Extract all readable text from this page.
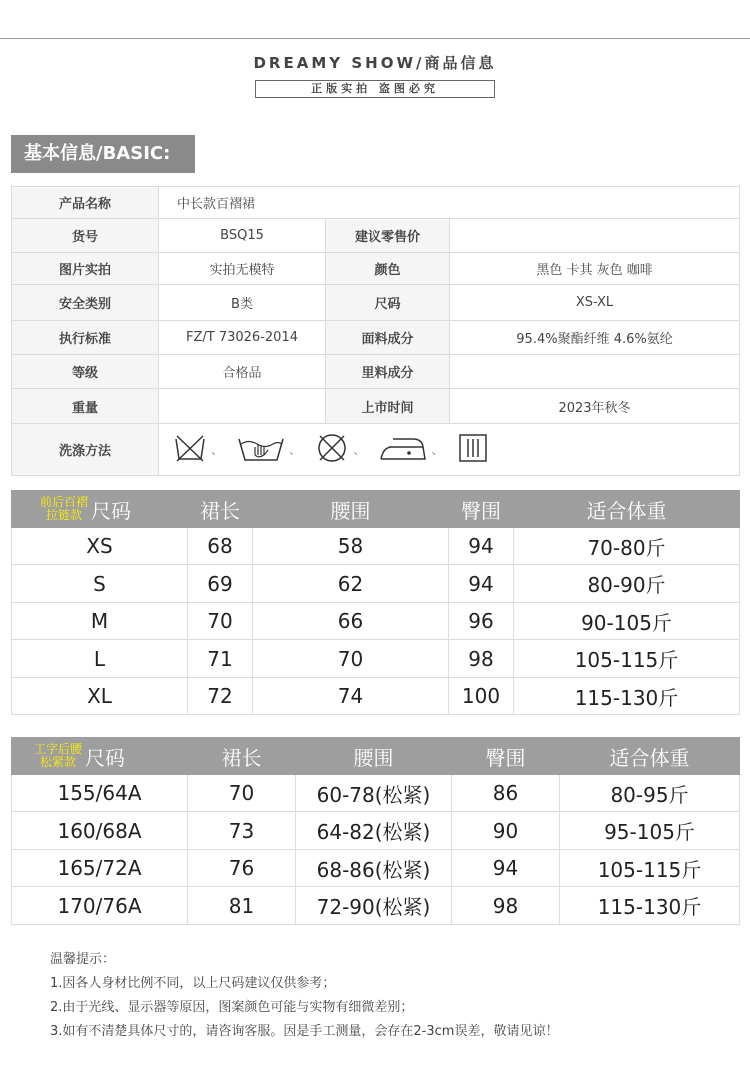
DREAMY SHOW/商品信息
正版实拍 盗图必究
基本信息/BASIC:
产品名称	中长款百褶裙		
货号	BSQ15	建议零售价	
图片实拍	实拍无模特	颜色	黑色 卡其 灰色 咖啡
安全类别	B类	尺码	XS-XL
执行标准	FZ/T 73026-2014	面料成分	95.4%聚酯纤维 4.6%氨纶
等级	合格品	里料成分	
重量		上市时间	2023年秋冬
洗涤方法	、 、 、 、		
前后百褶
拉链款 尺码	裙长	腰围	臀围	适合体重
XS	68	58	94	70-80斤
S	69	62	94	80-90斤
M	70	66	96	90-105斤
L	71	70	98	105-115斤
XL	72	74	100	115-130斤
工字后腰
松紧款 尺码	裙长	腰围	臀围	适合体重
155/64A	70	60-78(松紧)	86	80-95斤
160/68A	73	64-82(松紧)	90	95-105斤
165/72A	76	68-86(松紧)	94	105-115斤
170/76A	81	72-90(松紧)	98	115-130斤
温馨提示：
1.因各人身材比例不同，以上尺码建议仅供参考；
2.由于光线、显示器等原因，图案颜色可能与实物有细微差别；
3.如有不清楚具体尺寸的，请咨询客服。因是手工测量，会存在2-3cm误差，敬请见谅！
